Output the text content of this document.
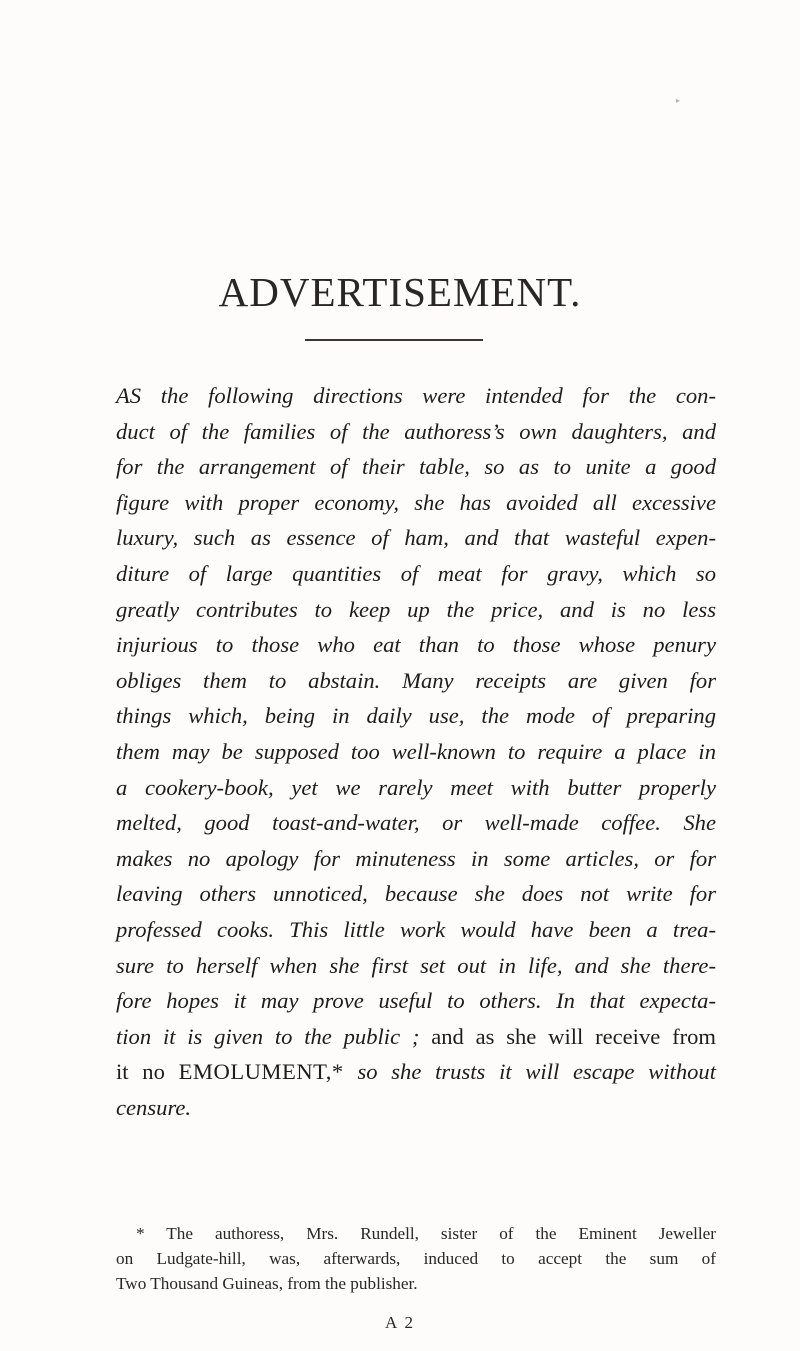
▸
ADVERTISEMENT.
AS the following directions were intended for the con-
duct of the families of the authoress’s own daughters, and
for the arrangement of their table, so as to unite a good
figure with proper economy, she has avoided all excessive
luxury, such as essence of ham, and that wasteful expen-
diture of large quantities of meat for gravy, which so
greatly contributes to keep up the price, and is no less
injurious to those who eat than to those whose penury
obliges them to abstain. Many receipts are given for
things which, being in daily use, the mode of preparing
them may be supposed too well-known to require a place in
a cookery-book, yet we rarely meet with butter properly
melted, good toast-and-water, or well-made coffee. She
makes no apology for minuteness in some articles, or for
leaving others unnoticed, because she does not write for
professed cooks. This little work would have been a trea-
sure to herself when she first set out in life, and she there-
fore hopes it may prove useful to others. In that expecta-
tion it is given to the public ; and as she will receive from
it no EMOLUMENT,* so she trusts it will escape without
censure.
* The authoress, Mrs. Rundell, sister of the Eminent Jeweller
on Ludgate-hill, was, afterwards, induced to accept the sum of
Two Thousand Guineas, from the publisher.
A 2
